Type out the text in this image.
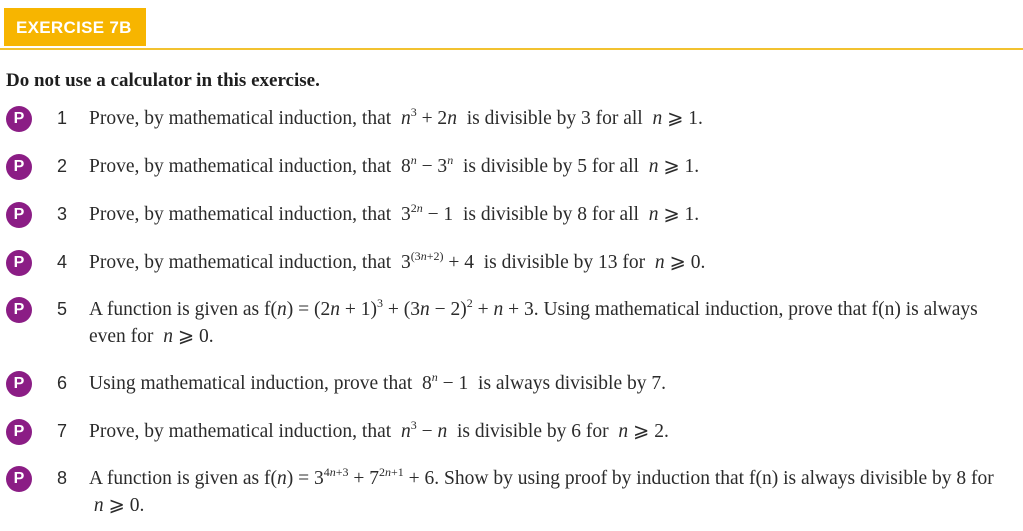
EXERCISE 7B
Do not use a calculator in this exercise.
P	1 Prove, by mathematical induction, that $n^3 + 2n$ is divisible by 3 for all n ⩾ 1.
P	2 Prove, by mathematical induction, that $8^n - 3^n$ is divisible by 5 for all n ⩾ 1.
P	3 Prove, by mathematical induction, that $3^{2n} - 1$ is divisible by 8 for all n ⩾ 1.
P	4 Prove, by mathematical induction, that $3^{(3n+2)} + 4$ is divisible by 13 for n ⩾ 0.
P	5 A function is given as $f(n) = (2n + 1)^3 + (3n - 2)^2 + n + 3$. Using mathematical induction, prove that f(n) is always even for n ⩾ 0.
P	6 Using mathematical induction, prove that $8^n - 1$ is always divisible by 7.
P	7 Prove, by mathematical induction, that $n^3 - n$ is divisible by 6 for n ⩾ 2.
P	8 A function is given as $f(n) = 3^{4n+3} + 7^{2n+1} + 6$. Show by using proof by induction that f(n) is always divisible by 8 for  n ⩾ 0.
